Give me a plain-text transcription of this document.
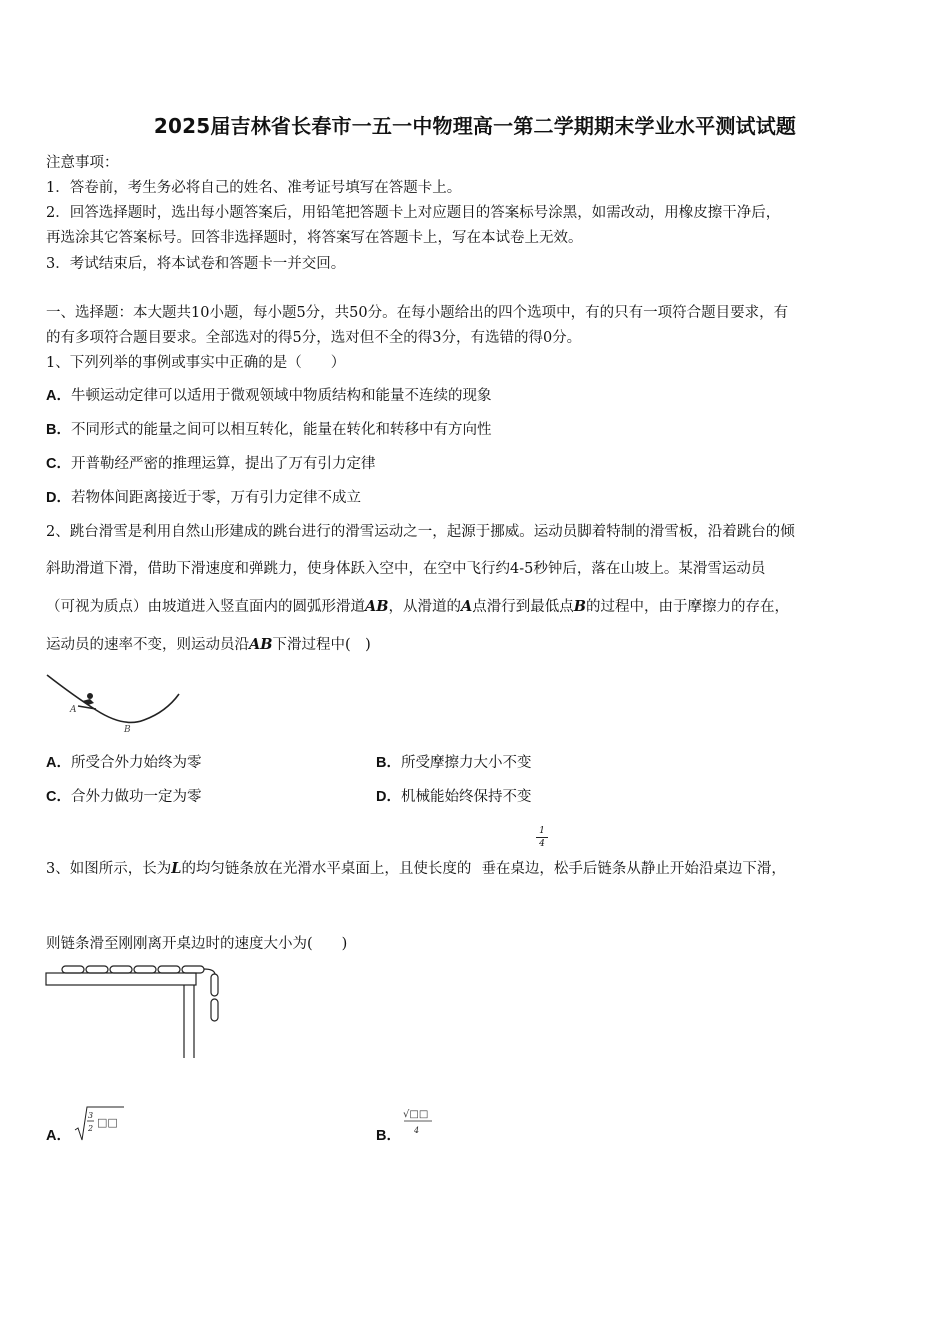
2025届吉林省长春市一五一中物理高一第二学期期末学业水平测试试题
注意事项：
1．答卷前，考生务必将自己的姓名、准考证号填写在答题卡上。
2．回答选择题时，选出每小题答案后，用铅笔把答题卡上对应题目的答案标号涂黑，如需改动，用橡皮擦干净后，
再选涂其它答案标号。回答非选择题时，将答案写在答题卡上，写在本试卷上无效。
3．考试结束后，将本试卷和答题卡一并交回。
一、选择题：本大题共10小题，每小题5分，共50分。在每小题给出的四个选项中，有的只有一项符合题目要求，有
的有多项符合题目要求。全部选对的得5分，选对但不全的得3分，有选错的得0分。
1、下列列举的事例或事实中正确的是（　　）
A．牛顿运动定律可以适用于微观领域中物质结构和能量不连续的现象
B．不同形式的能量之间可以相互转化，能量在转化和转移中有方向性
C．开普勒经严密的推理运算，提出了万有引力定律
D．若物体间距离接近于零，万有引力定律不成立
2、跳台滑雪是利用自然山形建成的跳台进行的滑雪运动之一，起源于挪威。运动员脚着特制的滑雪板，沿着跳台的倾
斜助滑道下滑，借助下滑速度和弹跳力，使身体跃入空中，在空中飞行约4-5秒钟后，落在山坡上。某滑雪运动员
（可视为质点）由坡道进入竖直面内的圆弧形滑道AB，从滑道的A点滑行到最低点B的过程中，由于摩擦力的存在，
运动员的速率不变，则运动员沿AB下滑过程中(　)
A
B
A．所受合外力始终为零	B．所受摩擦力大小不变
C．合外力做功一定为零	D．机械能始终保持不变
1
4
3、如图所示，长为L的均匀链条放在光滑水平桌面上，且使长度的 垂在桌边，松手后链条从静止开始沿桌边下滑，
则链条滑至刚刚离开桌边时的速度大小为(　　)
A．
3
2 □□
B．
√□□
4
